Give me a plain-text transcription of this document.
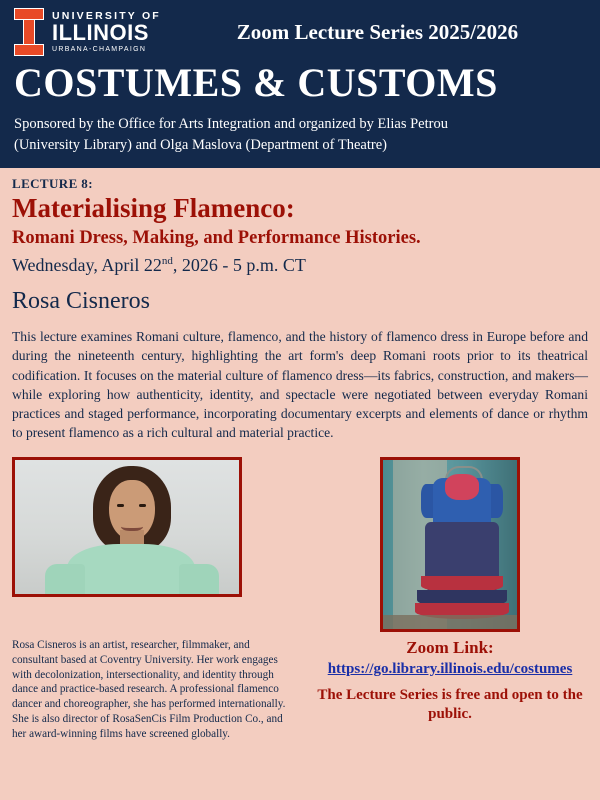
UNIVERSITY OF
ILLINOIS
URBANA-CHAMPAIGN
Zoom Lecture Series 2025/2026
COSTUMES & CUSTOMS
Sponsored by the Office for Arts Integration and organized by Elias Petrou
(University Library) and Olga Maslova (Department of Theatre)
LECTURE 8:
Materialising Flamenco:
Romani Dress, Making, and Performance Histories.
Wednesday, April 22nd, 2026 - 5 p.m. CT
Rosa Cisneros
This lecture examines Romani culture, flamenco, and the history of flamenco dress in Europe before and during the nineteenth century, highlighting the art form's deep Romani roots prior to its theatrical codification. It focuses on the material culture of flamenco dress—its fabrics, construction, and makers—while exploring how authenticity, identity, and spectacle were negotiated between everyday Romani practices and staged performance, incorporating documentary excerpts and elements of dance or rhythm to present flamenco as a rich cultural and material practice.
Rosa Cisneros is an artist, researcher, filmmaker, and consultant based at Coventry University. Her work engages with decolonization, intersectionality, and identity through dance and practice-based research. A professional flamenco dancer and choreographer, she has performed internationally. She is also director of RosaSenCis Film Production Co., and her award-winning films have screened globally.
Zoom Link:
https://go.library.illinois.edu/costumes
The Lecture Series is free and open to the public.
